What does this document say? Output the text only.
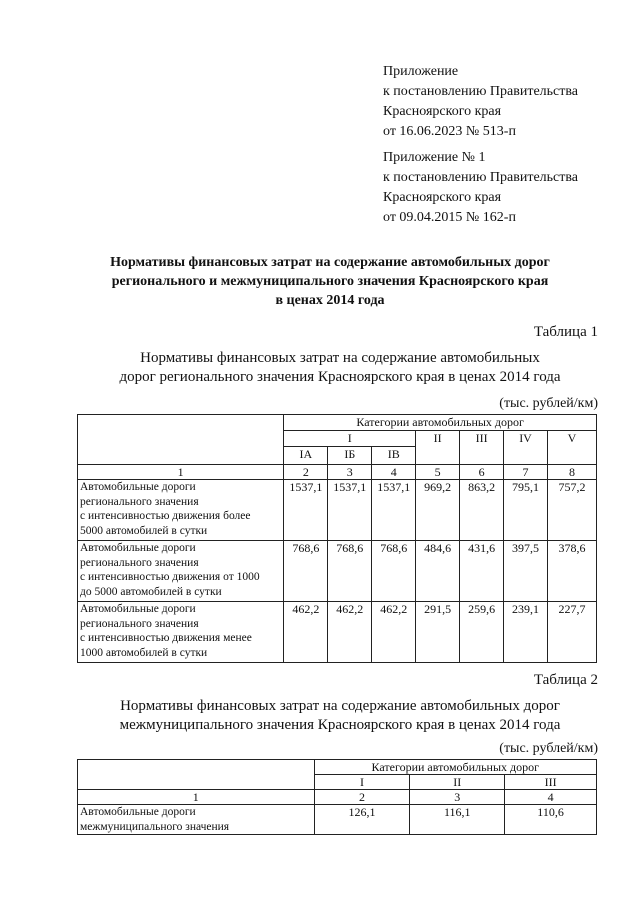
Приложение
к постановлению Правительства
Красноярского края
от 16.06.2023 № 513-п
Приложение № 1
к постановлению Правительства
Красноярского края
от 09.04.2015 № 162-п
Нормативы финансовых затрат на содержание автомобильных дорог
регионального и межмуниципального значения Красноярского края
в ценах 2014 года
Таблица 1
Нормативы финансовых затрат на содержание автомобильных
дорог регионального значения Красноярского края в ценах 2014 года
(тыс. рублей/км)
	Категории автомобильных дорог						
	I			II	III	IV	V
	IA	IБ	IВ				
1	2	3	4	5	6	7	8

Автомобильные дороги
регионального значения
с интенсивностью движения более
5000 автомобилей в сутки	1537,1	1537,1	1537,1	969,2	863,2	795,1	757,2

Автомобильные дороги
регионального значения
с интенсивностью движения от 1000
до 5000 автомобилей в сутки	768,6	768,6	768,6	484,6	431,6	397,5	378,6

Автомобильные дороги
регионального значения
с интенсивностью движения менее
1000 автомобилей в сутки	462,2	462,2	462,2	291,5	259,6	239,1	227,7
Таблица 2
Нормативы финансовых затрат на содержание автомобильных дорог
межмуниципального значения Красноярского края в ценах 2014 года
(тыс. рублей/км)
	Категории автомобильных дорог		
	I	II	III
1	2	3	4

Автомобильные дороги
межмуниципального значения	126,1	116,1	110,6
